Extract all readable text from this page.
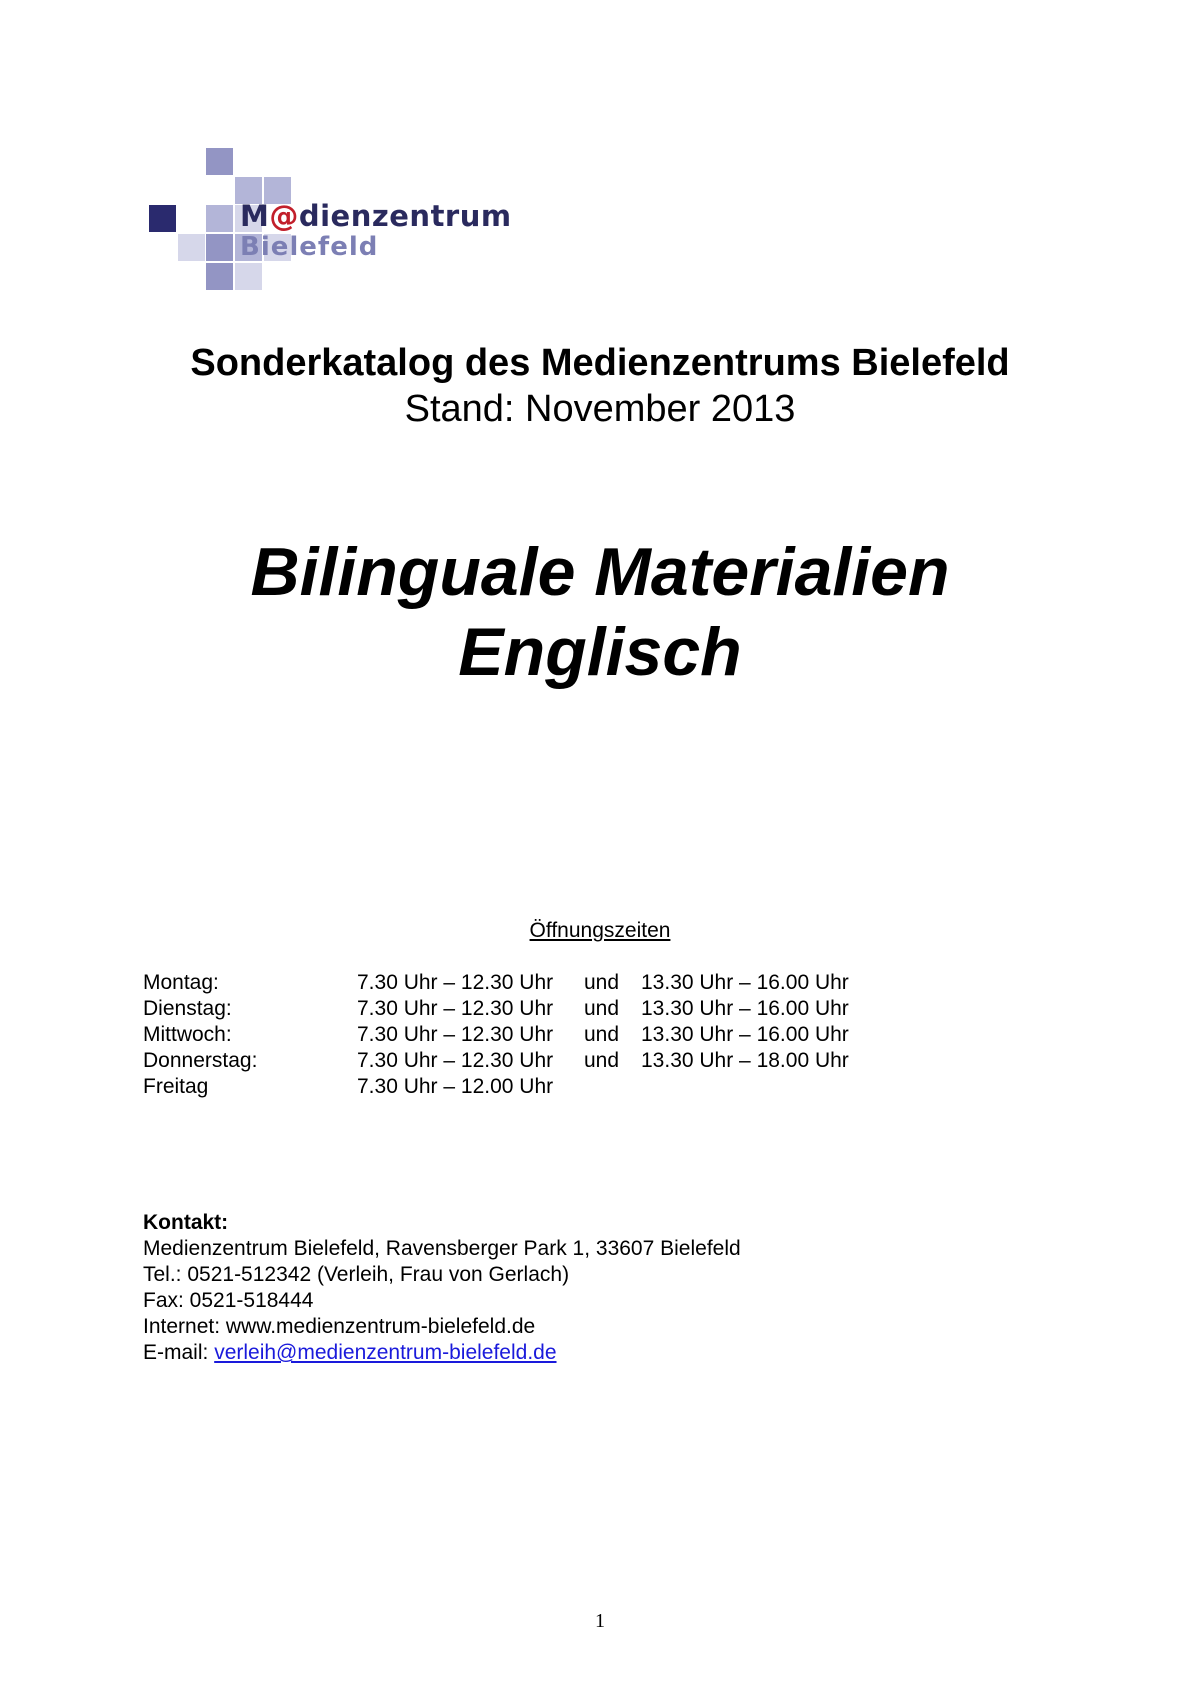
M@dienzentrum
Bielefeld
Sonderkatalog des Medienzentrums Bielefeld
Stand: November 2013
Bilinguale Materialien
Englisch
Öffnungszeiten
Montag:	7.30 Uhr – 12.30 Uhr und 13.30 Uhr – 16.00 Uhr
Dienstag:	7.30 Uhr – 12.30 Uhr und 13.30 Uhr – 16.00 Uhr
Mittwoch:	7.30 Uhr – 12.30 Uhr und 13.30 Uhr – 16.00 Uhr
Donnerstag:	7.30 Uhr – 12.30 Uhr und 13.30 Uhr – 18.00 Uhr
Freitag	7.30 Uhr – 12.00 Uhr
Kontakt:
Medienzentrum Bielefeld, Ravensberger Park 1, 33607 Bielefeld
Tel.: 0521-512342 (Verleih, Frau von Gerlach)
Fax: 0521-518444
Internet: www.medienzentrum-bielefeld.de
E-mail: verleih@medienzentrum-bielefeld.de
1
